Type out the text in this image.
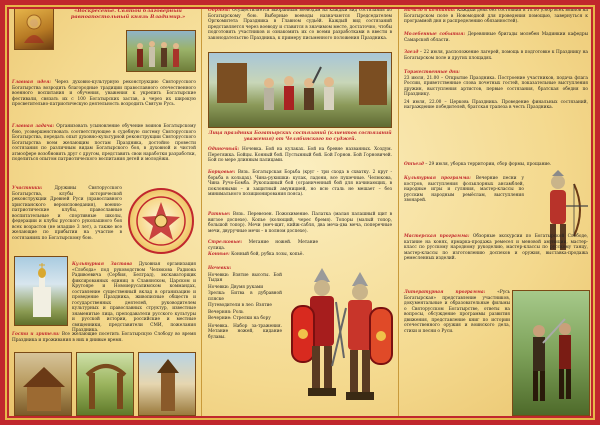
«Воскресенье. Святой благоверный равноапостольный князь Владимир.»
Главная идея: Через духовно-культурную реконструкцию Святорусского Богатырства возродить благородные традиции православного отечественного военного воспитания и обучения, уважения к укрепить Богатырские фестивали, связать их с 100 Богатырских застав, а через их широкую просветительно-патриотическую деятельность возродить Святую Русь.
Главная задача: Организовать усыновление обучение воинов Богатырскому бою, усовершенствовать соответствующее в судебную систему Святорусского Богатырства, передать опыт духовно-культурной реконструкции Святорусского Богатырства всем желающим постам Праздника, достойно провести состязания по различным видам Богатырского боя, в духовной и чистой атмосфере возобновить друг с другом, представить свои наработки разработки, поделиться опытом патриотического воспитания детей и молодёжи.
Участники:	Дружины Святорусского Богатырства, клубы исторической реконструкции Древней Руси (православного христианского вероисповедания), военно-патриотические клубы, православные воспитательные и спортивные школы, федерации и клубы русского рукопашного боя всех возрастов (не младше 3 лет), а также все желающие по прибытии на участие в состязаниях по Богатырскому бою.
Культурная Застава Духовная организация «Слобода» под руководством Челюкова Радиона Радивоевича (Сербия, Белград), экскаваторщик фиксированных единиц в Славянском, Царском и Крутояре и Новоиерусалимском коммандах, составление существенный вклад в организацию и проведение Праздника, живописные обществ и государственных деятелей, руководителем культурных и православных структур, известные знаменитые лица, преподаватели русского культуры и русской истории, российские и местные священники, представители СМИ, пожелания Праздника.
Гости и зрители: Все желающие посетить Богатырскую Слободу во время Праздника и проживания в них в днивые время.
Обряды: Осуществляется выбранным воеводам на каждый вид состязания по Богатырскому бою. Выборные воеводы назначаются Председателем Оргкомитета Праздника в Главном судьёй. Каждый вид состязаний представляется через воеводу и ставится в значимом месте, достаточно, чтобы подготовить участников и ознакомить их со всеми разработками в ввести в законодательство Праздника, к примеру письменного положения Праздника.
Лица праздника Богатырских состязаний (клиентов состязаний уважения) от Челябинского по суджей.
Одиночный: Ночевка. Бой на кулаках. Бой на бревне названных. Хоздум. Перетяжка. Бойцы. Конный бой. Пустынный бой. Бой Горнов. Бой Горновичей. Бой по мере длинным палицами.
Борцовые: Вязь. Богатырская Борьба (круг - три схода в схватку. 2 круг - борьба в кольцах). Чина-рукишки: кулак, ладони, все пушечные. Челюкова, Чина Ручо-Бомба. Рукопашный бой (ограниченный бой для начинающих, в поклонными – и защитный амуницией, но всю сталь не мешает – без минимального позиционирования пояса).
Ратные: Вязь. Перевезен. Пожохимение. Палатка (малая палашный щит в вигзое доспехе). Копье (колющий, черес бремя). Топоры (малый топор, большой топор). Мечи (меч-щит, кийж-сабля, два меча-два меча, поперечные мечи, двуручные мечи – в полном доспехе).
Стрелковые: Метание ножей. Метание сулица.
Конные: Конный бой, рубка лозы, копьё.
Ночевки:
Ночевки: Взятие высоты. Бой Тыдан
Ночевки: Двумя руками
Зрелка: Битва в дубравной пляске
Путеводители в лес: Взятие
Вечерняя: Роль
Вечерние: Стрелки на бору
Ночевка. Набор за-тражения. Метание ножей, кидание булавы.
Начало в компании: Каждый день без состояния в 10.00 (сбор всех воинов на Богатырском поле в Новомодной для проведения помощью, завернуться к программой дня и распределению обязанностей).
Молебенные события: Деревянные бригады молебен Мадинкии кафедры Самарской области.
Заезд – 22 июля, расположение лагерей, помощь в подготовке к Празднику на Богатырском поле и других площадях.
Торжественные дни:
23 июля, 21.00 – Открытие Праздника. Построение участников, подача флага России, приветственные слова почетных гостей, показательные выступления дружин, выступления артистов, первые состязания, братская обедня по Празднику.
24 июля, 22.00 – Церковь Праздника. Проведение финальных состязаний, награждение победителей, братская трапеза в честь Праздника.
Отъезд – 29 июля, уборка территории, сбор формы, прощание.
Культурная программа: Вечерние песни у костров, выступления фольклорных ансамблей, народные игры и гуляния, мастер-классы по русским народным ремёслам, выступления звонарей.
Мастерская программа: Обзорные экскурсии по Богатырской Слободе, катание на конях, ярмарка-продажа ремесел и меновой амуниции, мастер-класс по русскому народному рукоделию, мастер-классы по русскому танцу, мастер-классы по изготовлению доспехов и оружия, выставка-продажа ремесленных изделий.
Литературная программа:	«Русь Богатырская» представление участников, документальные и образовательные фильмы о Святорусском Богатырстве, ответы на вопросы, обсуждение программы развития движения, представление книг по истории отечественного оружия и воинского дела, стихи и песни о Руси.
